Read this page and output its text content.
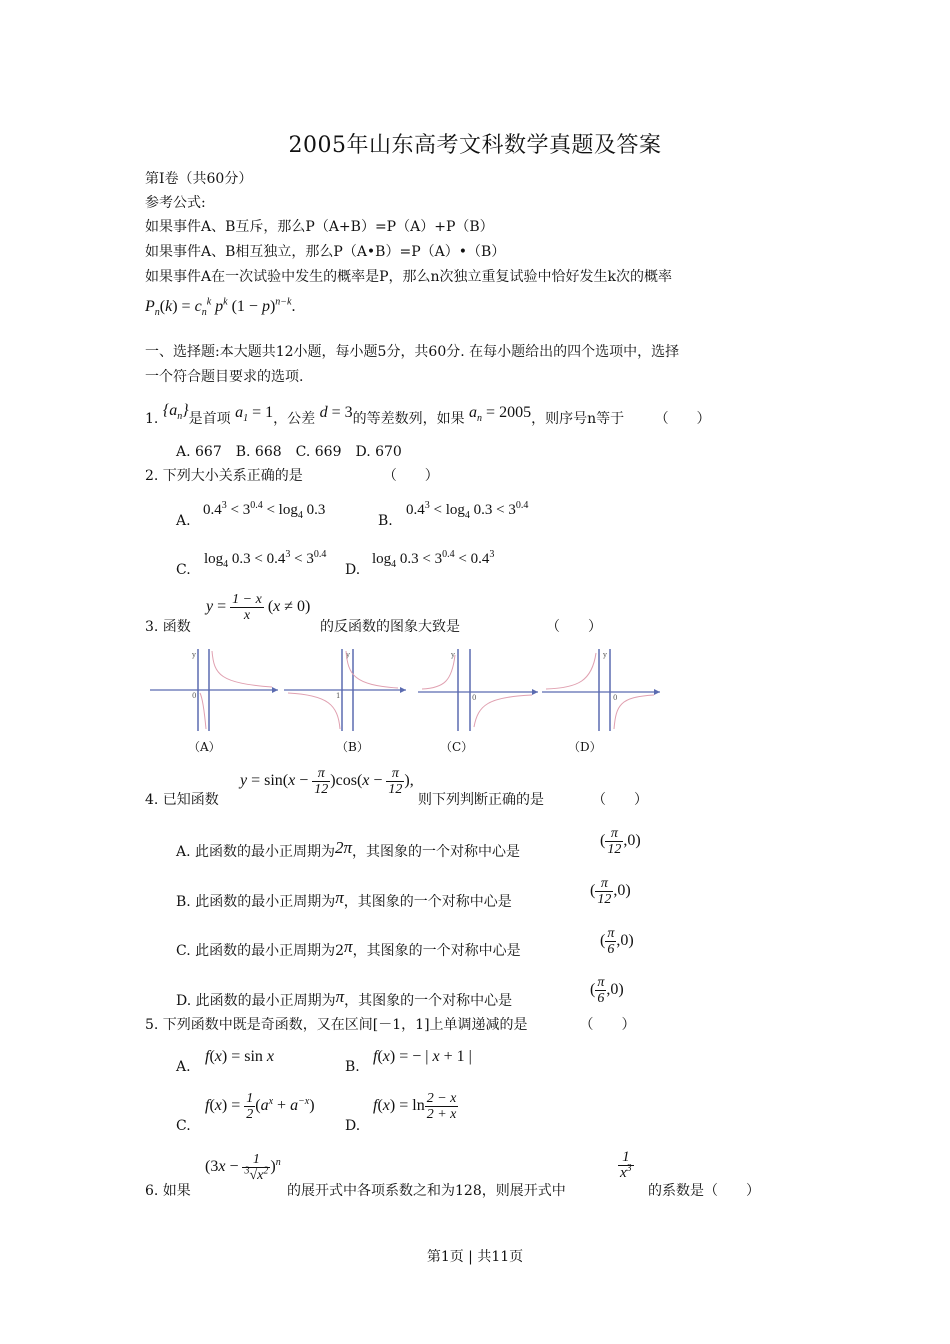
2005年山东高考文科数学真题及答案
第I卷（共60分）
参考公式:
如果事件A、B互斥，那么P（A+B）=P（A）+P（B）
如果事件A、B相互独立，那么P（A•B）=P（A）•（B）
如果事件A在一次试验中发生的概率是P，那么n次独立重复试验中恰好发生k次的概率
$P_n(k) = c_n^k$ $p^k$ $(1 - p)^{n-k}$.
一、选择题:本大题共12小题，每小题5分，共60分. 在每小题给出的四个选项中，选择
一个符合题目要求的选项.
1. $\{a_n\}$是首项 $a_1 = 1$，公差 d = 3的等差数列，如果 $a_n = 2005$，则序号n等于 （　　）
A. 667　B. 668　C. 669　D. 670
2. 下列大小关系正确的是	（　　）
A.
$0.4^3 < 3^{0.4} < \log_4 0.3$
B.
$0.4^3 < \log_4 0.3 < 3^{0.4}$
C.
$\log_4 0.3 < 0.4^3 < 3^{0.4}$
D.
$\log_4 0.3 < 3^{0.4} < 0.4^3$
3. 函数
$y = \frac{1 - x}{x} (x \ne 0)$
的反函数的图象大致是	（　　）
y
0
y
1
y
0
y
0
（A）	（B）	（C）	（D）
4. 已知函数
$y = \sin(x - \frac{\pi}{12} )\cos(x - \frac{\pi}{12}$ ),
则下列判断正确的是	（　　）
A. 此函数的最小正周期为2π，其图象的一个对称中心是
( $\frac{\pi}{12} ,0$)
B. 此函数的最小正周期为π，其图象的一个对称中心是
( $\frac{\pi}{12} ,0$)
C. 此函数的最小正周期为2π，其图象的一个对称中心是
( $\frac{\pi}{6} ,0$)
D. 此函数的最小正周期为π，其图象的一个对称中心是
( $\frac{\pi}{6} ,0$)
5. 下列函数中既是奇函数，又在区间[－1，1]上单调递减的是	（　　）
A.
f(x) = sin x
B.
f(x) = − | x + 1 |
C.
$f(x) = \frac{1}{2} (a^x + a^{-x})$
D.
$f(x) = \ln \frac{2 - x}{2 + x}$
6. 如果
$(3x - \frac{1}{^3√x^2} )^n$
的展开式中各项系数之和为128，则展开式中
$\frac{1}{x^3}$
的系数是（　　）
第1页 | 共11页
